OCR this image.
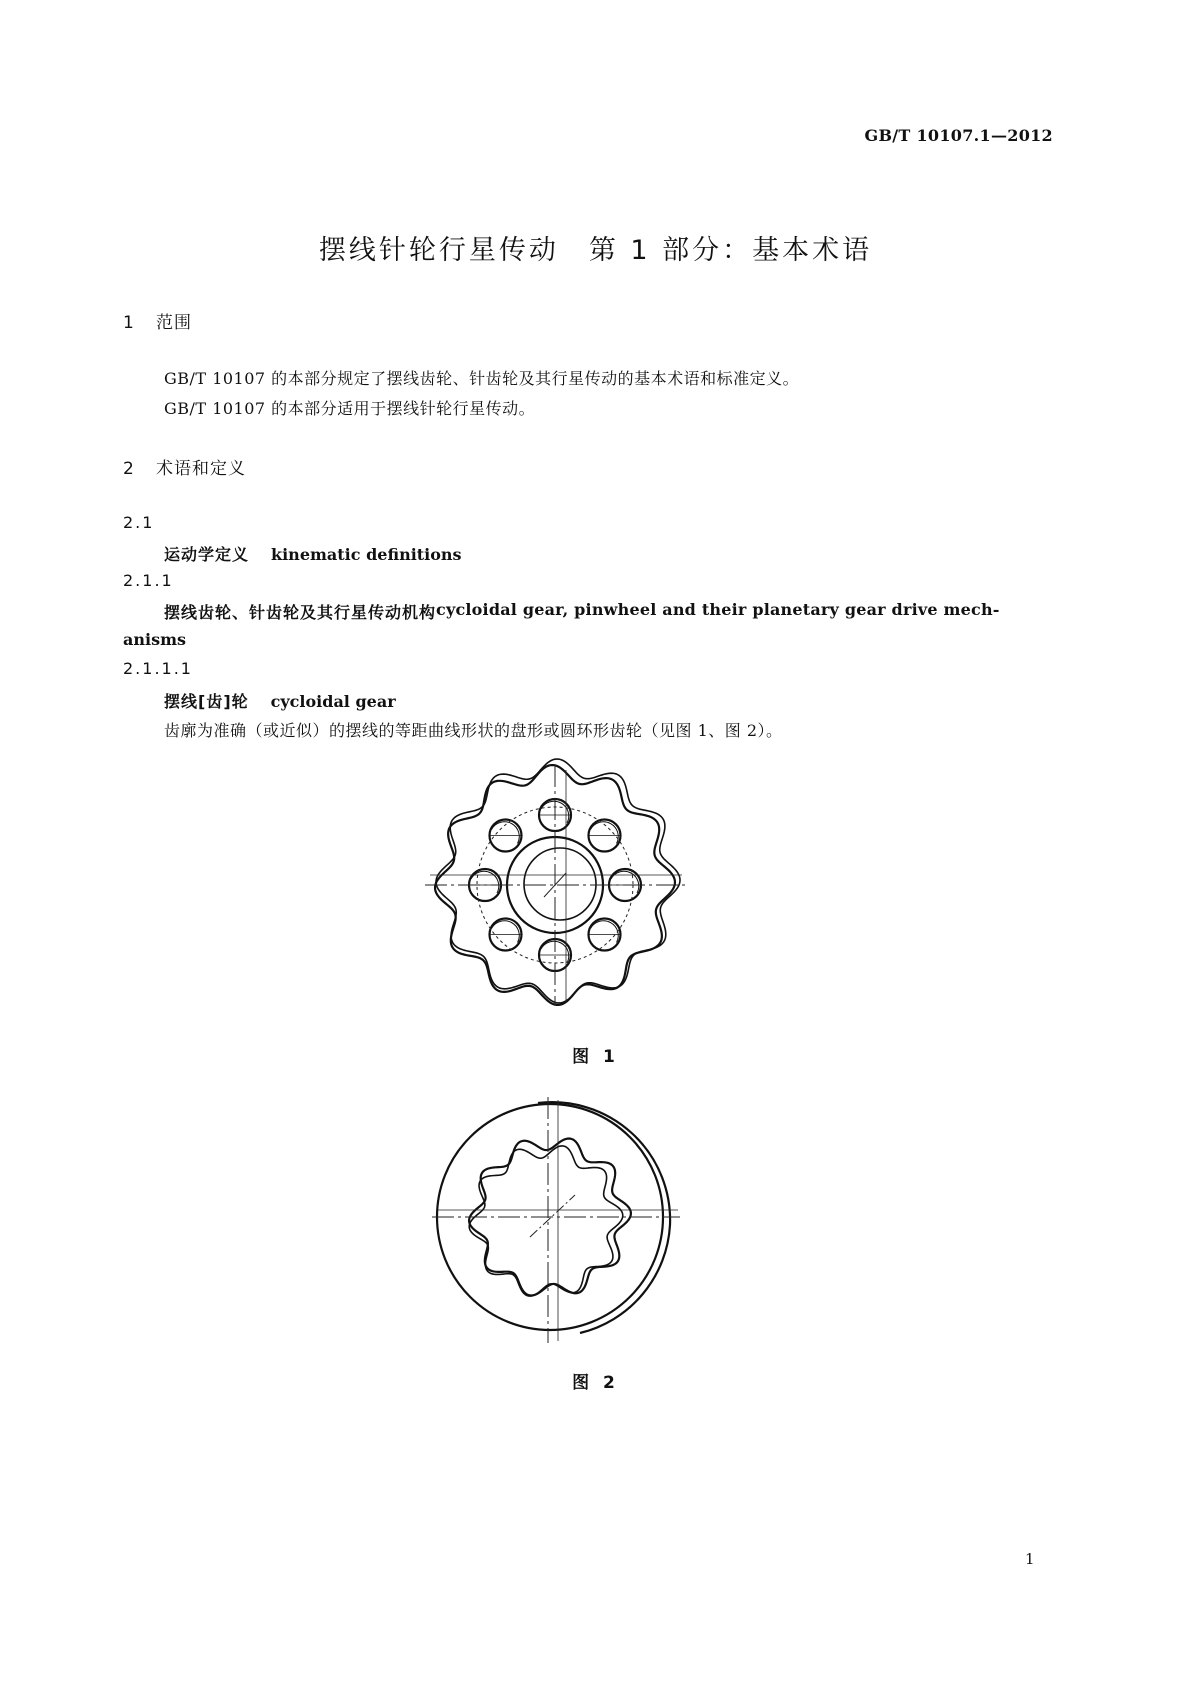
GB/T 10107.1—2012
摆线针轮行星传动　第 1 部分：基本术语
1 范围
GB/T 10107 的本部分规定了摆线齿轮、针齿轮及其行星传动的基本术语和标准定义。
GB/T 10107 的本部分适用于摆线针轮行星传动。
2 术语和定义
2.1
运动学定义 kinematic definitions
2.1.1
摆线齿轮、针齿轮及其行星传动机构 cycloidal gear, pinwheel and their planetary gear drive mech-
anisms
2.1.1.1
摆线[齿]轮 cycloidal gear
齿廓为准确（或近似）的摆线的等距曲线形状的盘形或圆环形齿轮（见图 1、图 2）。
图 1
图 2
1
